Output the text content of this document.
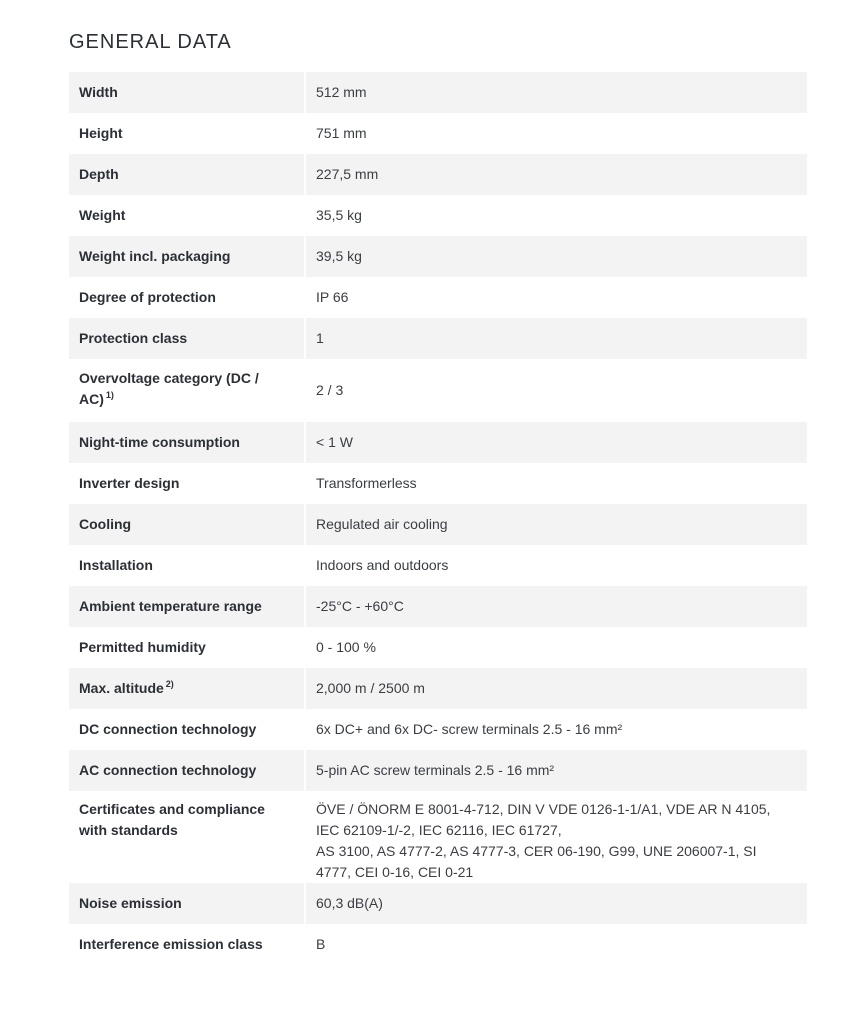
GENERAL DATA
Width	512 mm
Height	751 mm
Depth	227,5 mm
Weight	35,5 kg
Weight incl. packaging	39,5 kg
Degree of protection	IP 66
Protection class	1
Overvoltage category (DC / AC) $^{1)}$	2 / 3
Night-time consumption	< 1 W
Inverter design	Transformerless
Cooling	Regulated air cooling
Installation	Indoors and outdoors
Ambient temperature range	-25°C - +60°C
Permitted humidity	0 - 100 %
Max. altitude $^{2)}$	2,000 m / 2500 m
DC connection technology	6x DC+ and 6x DC- screw terminals 2.5 - 16 mm²
AC connection technology	5-pin AC screw terminals 2.5 - 16 mm²
Certificates and compliance with standards	ÖVE / ÖNORM E 8001-4-712, DIN V VDE 0126-1-1/A1, VDE AR N 4105, IEC 62109-1/-2, IEC 62116, IEC 61727,
AS 3100, AS 4777-2, AS 4777-3, CER 06-190, G99, UNE 206007-1, SI 4777, CEI 0-16, CEI 0-21

Noise emission	60,3 dB(A)
Interference emission class	B
